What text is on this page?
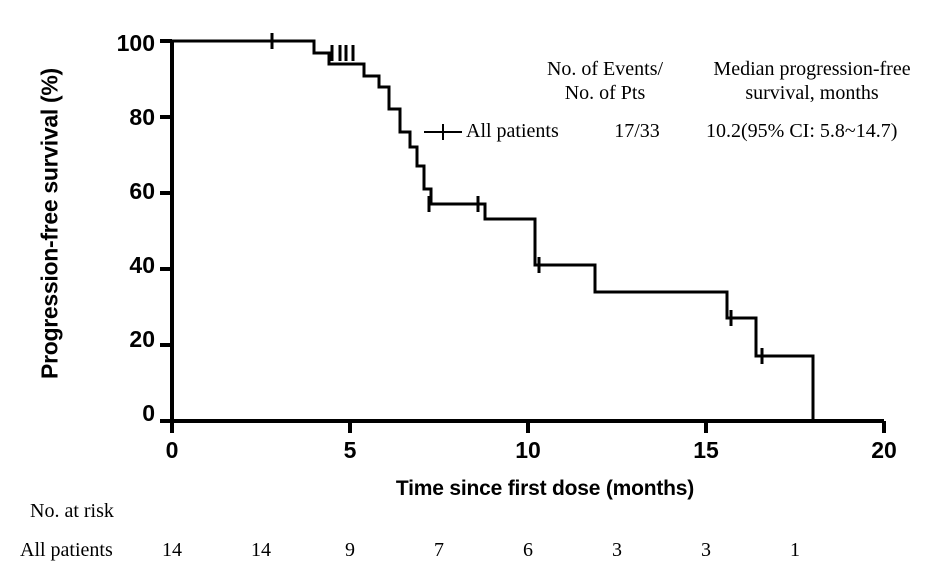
Progression-free survival (%)
100
80
60
40
20
0
0	5	10	15	20
Time since first dose (months)
No. of Events/
No. of Pts
Median progression-free
survival, months
All patients	17/33	10.2(95% CI: 5.8~14.7)
No. at risk
All patients	14	14	9	7	6	3	3	1
